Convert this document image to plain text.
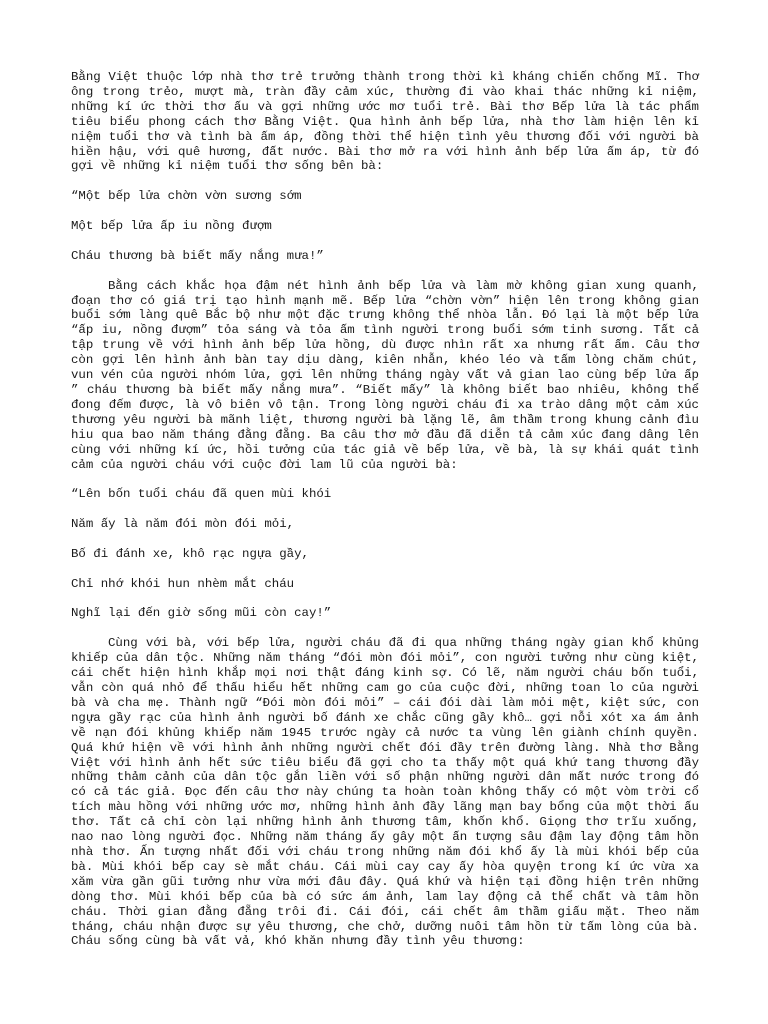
Bằng Việt thuộc lớp nhà thơ trẻ trưởng thành trong thời kì kháng chiến chống Mĩ. Thơ ông trong trẻo, mượt mà, tràn đầy cảm xúc, thường đi vào khai thác những kỉ niệm, những kí ức thời thơ ấu và gợi những ước mơ tuổi trẻ. Bài thơ Bếp lửa là tác phẩm tiêu biểu phong cách thơ Bằng Việt. Qua hình ảnh bếp lửa, nhà thơ làm hiện lên kỉ niệm tuổi thơ và tình bà ấm áp, đồng thời thể hiện tình yêu thương đối với người bà hiền hậu, với quê hương, đất nước. Bài thơ mở ra với hình ảnh bếp lửa ấm áp, từ đó gợi về những kỉ niệm tuổi thơ sống bên bà:

“Một bếp lửa chờn vờn sương sớm

Một bếp lửa ấp iu nồng đượm

Cháu thương bà biết mấy nắng mưa!”

Bằng cách khắc họa đậm nét hình ảnh bếp lửa và làm mờ không gian xung quanh, đoạn thơ có giá trị tạo hình mạnh mẽ. Bếp lửa “chờn vờn” hiện lên trong không gian buổi sớm làng quê Bắc bộ như một đặc trưng không thể nhòa lẫn. Đó lại là một bếp lửa “ấp iu, nồng đượm” tỏa sáng và tỏa ấm tình người trong buổi sớm tinh sương. Tất cả tập trung về với hình ảnh bếp lửa hồng, dù được nhìn rất xa nhưng rất ấm. Câu thơ còn gợi lên hình ảnh bàn tay dịu dàng, kiên nhẫn, khéo léo và tấm lòng chăm chút, vun vén của người nhóm lửa, gợi lên những tháng ngày vất vả gian lao cùng bếp lửa ấp ” cháu thương bà biết mấy nắng mưa”. “Biết mấy” là không biết bao nhiêu, không thể đong đếm được, là vô biên vô tận. Trong lòng người cháu đi xa trào dâng một cảm xúc thương yêu người bà mãnh liệt, thương người bà lặng lẽ, âm thầm trong khung cảnh đìu hiu qua bao năm tháng đằng đẵng. Ba câu thơ mở đầu đã diễn tả cảm xúc đang dâng lên cùng với những kí ức, hồi tưởng của tác giả về bếp lửa, về bà, là sự khái quát tình cảm của người cháu với cuộc đời lam lũ của người bà:

“Lên bốn tuổi cháu đã quen mùi khói

Năm ấy là năm đói mòn đói mỏi,

Bố đi đánh xe, khô rạc ngựa gầy,

Chỉ nhớ khói hun nhèm mắt cháu

Nghĩ lại đến giờ sống mũi còn cay!”

Cùng với bà, với bếp lửa, người cháu đã đi qua những tháng ngày gian khổ khủng khiếp của dân tộc. Những năm tháng “đói mòn đói mỏi”, con người tưởng như cùng kiệt, cái chết hiện hình khắp mọi nơi thật đáng kinh sợ. Có lẽ, năm người cháu bốn tuổi, vẫn còn quá nhỏ để thấu hiểu hết những cam go của cuộc đời, những toan lo của người bà và cha mẹ. Thành ngữ “Đói mòn đói mỏi” – cái đói dài làm mỏi mệt, kiệt sức, con ngựa gầy rạc của hình ảnh người bố đánh xe chắc cũng gầy khô… gợi nỗi xót xa ám ảnh về nạn đói khủng khiếp năm 1945 trước ngày cả nước ta vùng lên giành chính quyền. Quá khứ hiện về với hình ảnh những người chết đói đầy trên đường làng. Nhà thơ Bằng Việt với hình ảnh hết sức tiêu biểu đã gợi cho ta thấy một quá khứ tang thương đầy những thảm cảnh của dân tộc gắn liền với số phận những người dân mất nước trong đó có cả tác giả. Đọc đến câu thơ này chúng ta hoàn toàn không thấy có một vòm trời cổ tích màu hồng với những ước mơ, những hình ảnh đầy lãng mạn bay bổng của một thời ấu thơ. Tất cả chỉ còn lại những hình ảnh thương tâm, khốn khổ. Giọng thơ trĩu xuống, nao nao lòng người đọc. Những năm tháng ấy gây một ấn tượng sâu đậm lay động tâm hồn nhà thơ. Ấn tượng nhất đối với cháu trong những năm đói khổ ấy là mùi khói bếp của bà. Mùi khói bếp cay sè mắt cháu. Cái mùi cay cay ấy hòa quyện trong kí ức vừa xa xăm vừa gần gũi tưởng như vừa mới đâu đây. Quá khứ và hiện tại đồng hiện trên những dòng thơ. Mùi khói bếp của bà có sức ám ảnh, lam lay động cả thể chất và tâm hồn cháu. Thời gian đằng đẵng trôi đi. Cái đói, cái chết âm thầm giấu mặt. Theo năm tháng, cháu nhận được sự yêu thương, che chở, dưỡng nuôi tâm hồn từ tấm lòng của bà. Cháu sống cùng bà vất vả, khó khăn nhưng đầy tình yêu thương:
